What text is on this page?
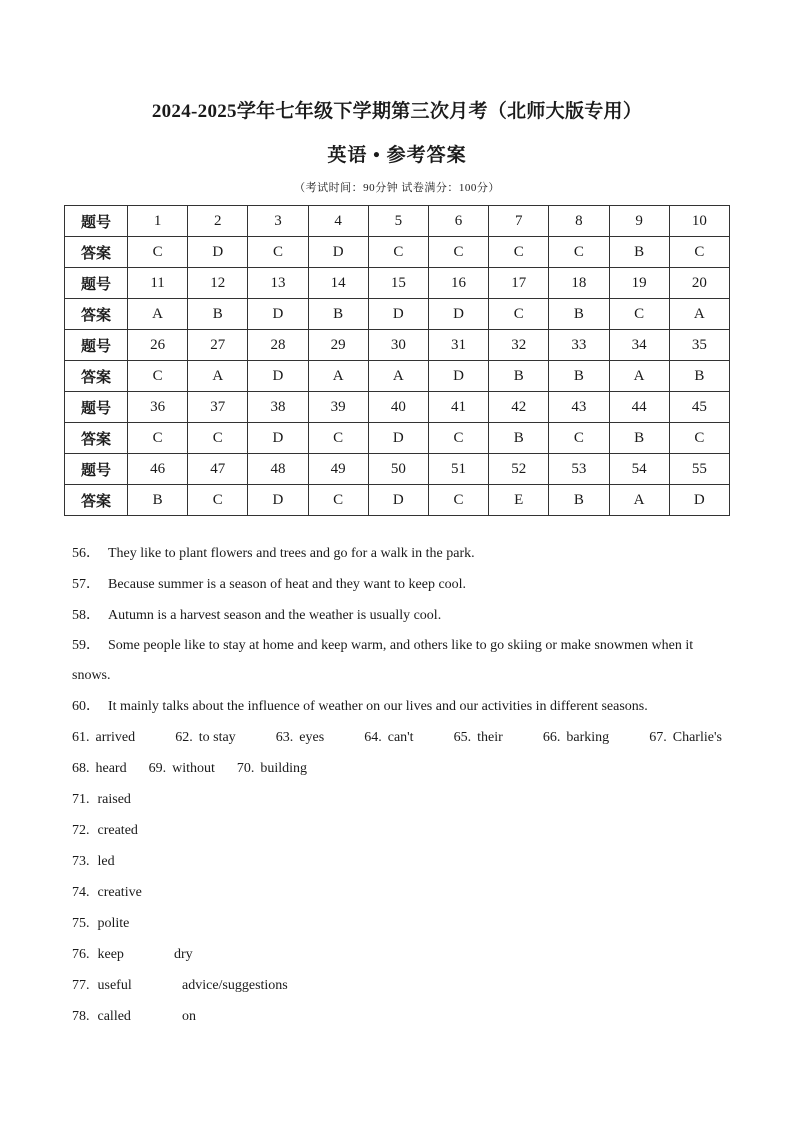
2024-2025学年七年级下学期第三次月考（北师大版专用）
英语 • 参考答案
（考试时间：90分钟 试卷满分：100分）
题号	1	2	3	4	5	6	7	8	9	10
答案	C	D	C	D	C	C	C	C	B	C
题号	11	12	13	14	15	16	17	18	19	20
答案	A	B	D	B	D	D	C	B	C	A
题号	26	27	28	29	30	31	32	33	34	35
答案	C	A	D	A	A	D	B	B	A	B
题号	36	37	38	39	40	41	42	43	44	45
答案	C	C	D	C	D	C	B	C	B	C
题号	46	47	48	49	50	51	52	53	54	55
答案	B	C	D	C	D	C	E	B	A	D
56． They like to plant flowers and trees and go for a walk in the park.
57． Because summer is a season of heat and they want to keep cool.
58． Autumn is a harvest season and the weather is usually cool.
59． Some people like to stay at home and keep warm, and others like to go skiing or make snowmen when it snows.
60． It mainly talks about the influence of weather on our lives and our activities in different seasons.
61. arrived	62. to stay	63. eyes	64. can't	65. their	66. barking	67. Charlie's
68. heard 69. without 70. building
71. raised
72. created
73. led
74. creative
75. polite
76. keep	dry
77. useful	advice/suggestions
78. called	on
